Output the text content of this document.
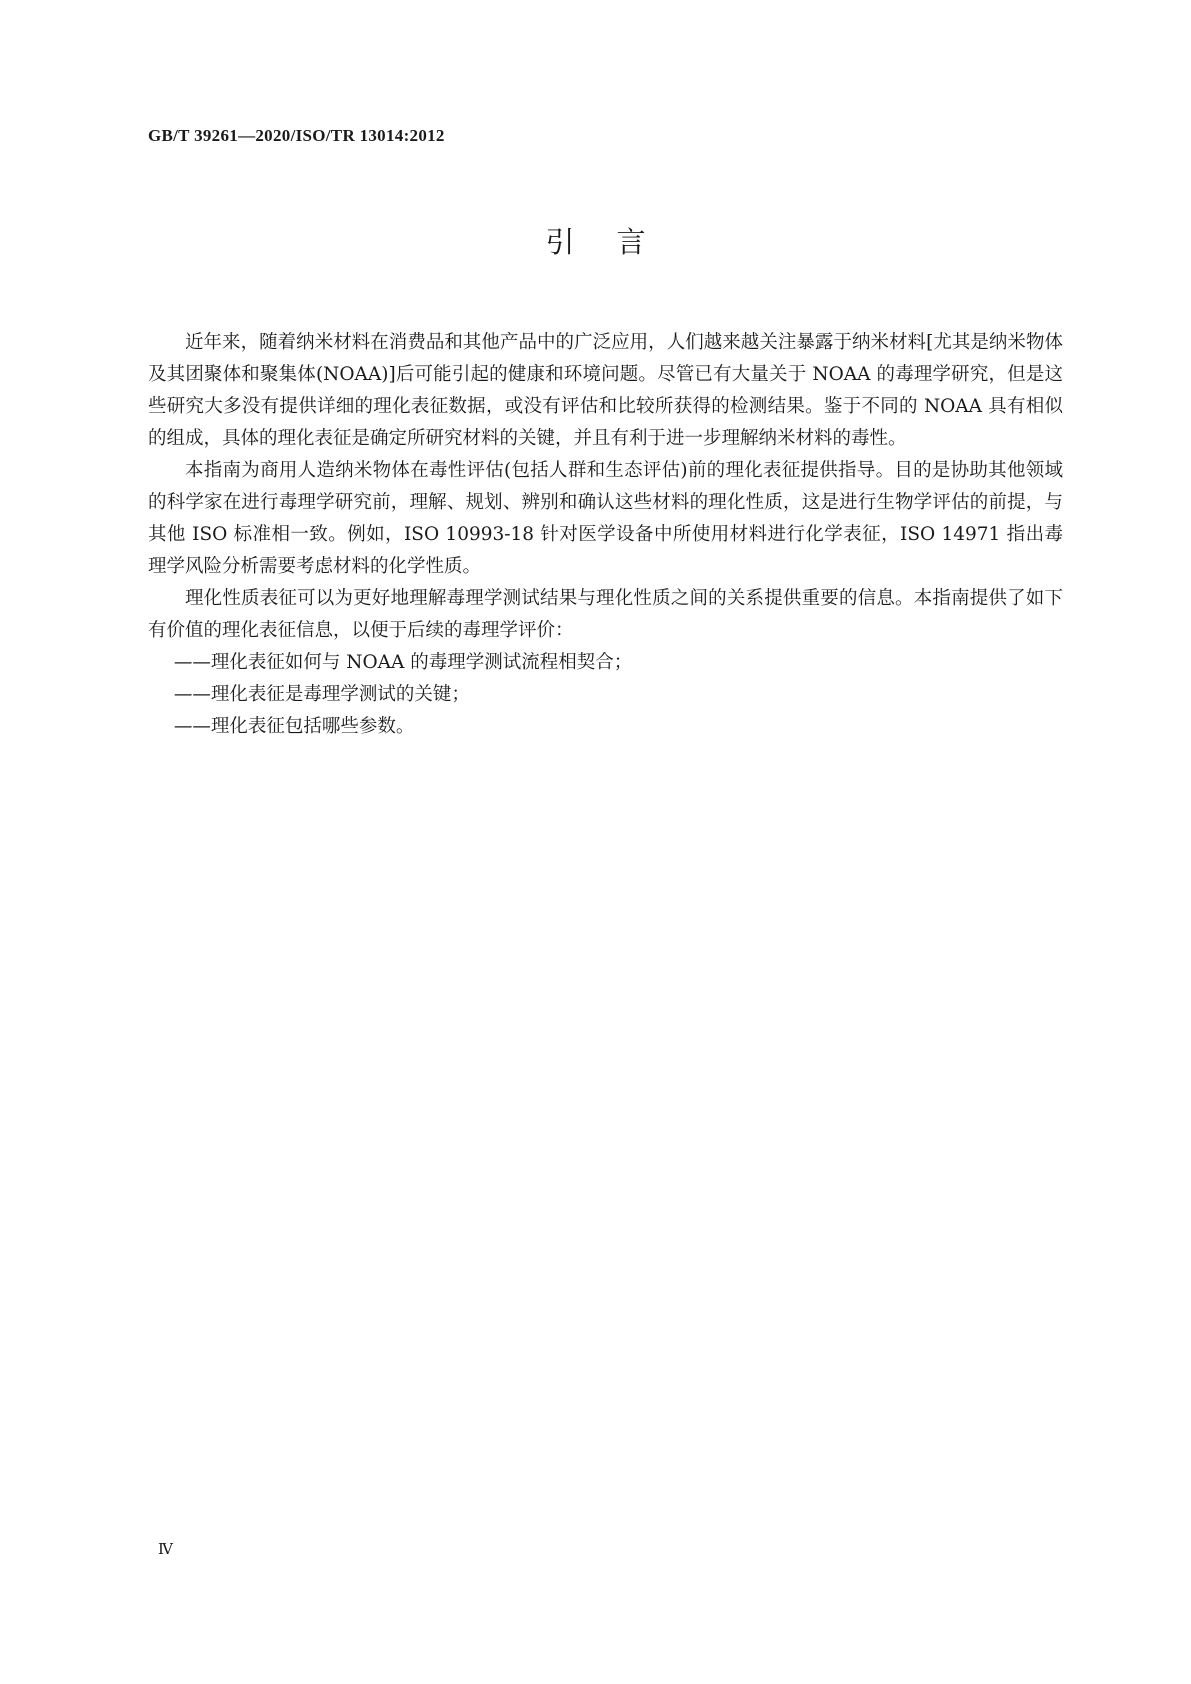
GB/T 39261—2020/ISO/TR 13014:2012
引言

近年来，随着纳米材料在消费品和其他产品中的广泛应用，人们越来越关注暴露于纳米材料[尤其是纳米物体及其团聚体和聚集体(NOAA)]后可能引起的健康和环境问题。尽管已有大量关于 NOAA 的毒理学研究，但是这些研究大多没有提供详细的理化表征数据，或没有评估和比较所获得的检测结果。鉴于不同的 NOAA 具有相似的组成，具体的理化表征是确定所研究材料的关键，并且有利于进一步理解纳米材料的毒性。

本指南为商用人造纳米物体在毒性评估(包括人群和生态评估)前的理化表征提供指导。目的是协助其他领域的科学家在进行毒理学研究前，理解、规划、辨别和确认这些材料的理化性质，这是进行生物学评估的前提，与其他 ISO 标准相一致。例如，ISO 10993-18 针对医学设备中所使用材料进行化学表征，ISO 14971 指出毒理学风险分析需要考虑材料的化学性质。

理化性质表征可以为更好地理解毒理学测试结果与理化性质之间的关系提供重要的信息。本指南提供了如下有价值的理化表征信息，以便于后续的毒理学评价：

——理化表征如何与 NOAA 的毒理学测试流程相契合；

——理化表征是毒理学测试的关键；

——理化表征包括哪些参数。

Ⅳ
